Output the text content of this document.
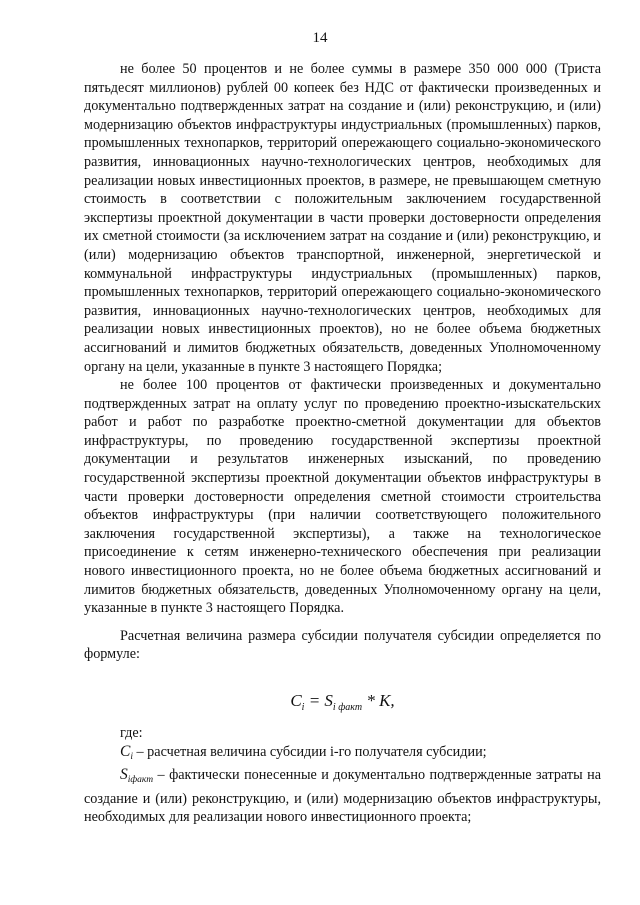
14

не более 50 процентов и не более суммы в размере 350 000 000 (Триста пятьдесят миллионов) рублей 00 копеек без НДС от фактически произведенных и документально подтвержденных затрат на создание и (или) реконструкцию, и (или) модернизацию объектов инфраструктуры индустриальных (промышленных) парков, промышленных технопарков, территорий опережающего социально-экономического развития, инновационных научно-технологических центров, необходимых для реализации новых инвестиционных проектов, в размере, не превышающем сметную стоимость в соответствии с положительным заключением государственной экспертизы проектной документации в части проверки достоверности определения их сметной стоимости (за исключением затрат на создание и (или) реконструкцию, и (или) модернизацию объектов транспортной, инженерной, энергетической и коммунальной инфраструктуры индустриальных (промышленных) парков, промышленных технопарков, территорий опережающего социально-экономического развития, инновационных научно-технологических центров, необходимых для реализации новых инвестиционных проектов), но не более объема бюджетных ассигнований и лимитов бюджетных обязательств, доведенных Уполномоченному органу на цели, указанные в пункте 3 настоящего Порядка;

не более 100 процентов от фактически произведенных и документально подтвержденных затрат на оплату услуг по проведению проектно-изыскательских работ и работ по разработке проектно-сметной документации для объектов инфраструктуры, по проведению государственной экспертизы проектной документации и результатов инженерных изысканий, по проведению государственной экспертизы проектной документации объектов инфраструктуры в части проверки достоверности определения сметной стоимости строительства объектов инфраструктуры (при наличии соответствующего положительного заключения государственной экспертизы), а также на технологическое присоединение к сетям инженерно-технического обеспечения при реализации нового инвестиционного проекта, но не более объема бюджетных ассигнований и лимитов бюджетных обязательств, доведенных Уполномоченному органу на цели, указанные в пункте 3 настоящего Порядка.

Расчетная величина размера субсидии получателя субсидии определяется по формуле:

$C_i = S_{i факт} * K$,

где:

$C_i$ – расчетная величина субсидии i-го получателя субсидии;

$S_{iфакт}$ – фактически понесенные и документально подтвержденные затраты на создание и (или) реконструкцию, и (или) модернизацию объектов инфраструктуры, необходимых для реализации нового инвестиционного проекта;
